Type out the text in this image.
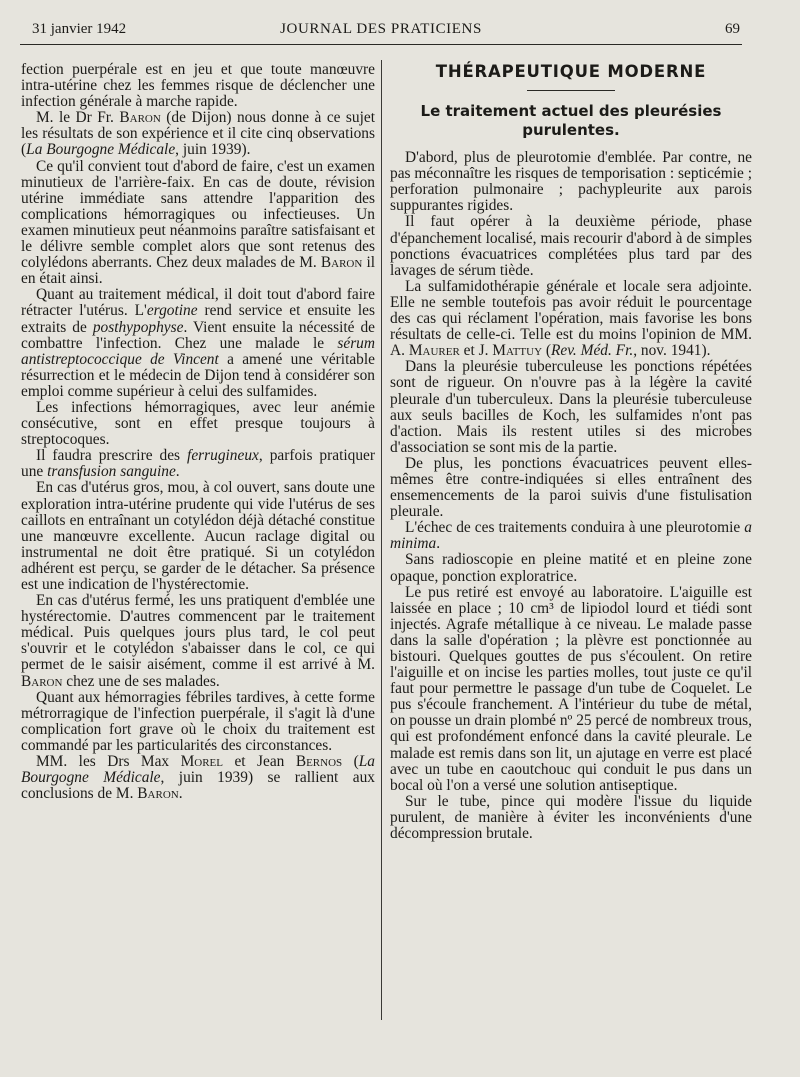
31 janvier 1942	JOURNAL DES PRATICIENS	69

fection puerpérale est en jeu et que toute manœuvre intra-utérine chez les femmes risque de déclencher une infection générale à marche rapide.

M. le Dr Fr. Baron (de Dijon) nous donne à ce sujet les résultats de son expérience et il cite cinq observations (La Bourgogne Médicale, juin 1939).

Ce qu'il convient tout d'abord de faire, c'est un examen minutieux de l'arrière-faix. En cas de doute, révision utérine immédiate sans attendre l'apparition des complications hémorragiques ou infectieuses. Un examen minutieux peut néanmoins paraître satisfaisant et le délivre semble complet alors que sont retenus des colylédons aberrants. Chez deux malades de M. Baron il en était ainsi.

Quant au traitement médical, il doit tout d'abord faire rétracter l'utérus. L'ergotine rend service et ensuite les extraits de posthypophyse. Vient ensuite la nécessité de combattre l'infection. Chez une malade le sérum antistreptococcique de Vincent a amené une véritable résurrection et le médecin de Dijon tend à considérer son emploi comme supérieur à celui des sulfamides.

Les infections hémorragiques, avec leur anémie consécutive, sont en effet presque toujours à streptocoques.

Il faudra prescrire des ferrugineux, parfois pratiquer une transfusion sanguine.

En cas d'utérus gros, mou, à col ouvert, sans doute une exploration intra-utérine prudente qui vide l'utérus de ses caillots en entraînant un cotylédon déjà détaché constitue une manœuvre excellente. Aucun raclage digital ou instrumental ne doit être pratiqué. Si un cotylédon adhérent est perçu, se garder de le détacher. Sa présence est une indication de l'hystérectomie.

En cas d'utérus fermé, les uns pratiquent d'emblée une hystérectomie. D'autres commencent par le traitement médical. Puis quelques jours plus tard, le col peut s'ouvrir et le cotylédon s'abaisser dans le col, ce qui permet de le saisir aisément, comme il est arrivé à M. Baron chez une de ses malades.

Quant aux hémorragies fébriles tardives, à cette forme métrorragique de l'infection puerpérale, il s'agit là d'une complication fort grave où le choix du traitement est commandé par les particularités des circonstances.

MM. les Drs Max Morel et Jean Bernos (La Bourgogne Médicale, juin 1939) se rallient aux conclusions de M. Baron.

THÉRAPEUTIQUE MODERNE
Le traitement actuel des pleurésies purulentes.

D'abord, plus de pleurotomie d'emblée. Par contre, ne pas méconnaître les risques de temporisation : septicémie ; perforation pulmonaire ; pachypleurite aux parois suppurantes rigides.

Il faut opérer à la deuxième période, phase d'épanchement localisé, mais recourir d'abord à de simples ponctions évacuatrices complétées plus tard par des lavages de sérum tiède.

La sulfamidothérapie générale et locale sera adjointe. Elle ne semble toutefois pas avoir réduit le pourcentage des cas qui réclament l'opération, mais favorise les bons résultats de celle-ci. Telle est du moins l'opinion de MM. A. Maurer et J. Mattuy (Rev. Méd. Fr., nov. 1941).

Dans la pleurésie tuberculeuse les ponctions répétées sont de rigueur. On n'ouvre pas à la légère la cavité pleurale d'un tuberculeux. Dans la pleurésie tuberculeuse aux seuls bacilles de Koch, les sulfamides n'ont pas d'action. Mais ils restent utiles si des microbes d'association se sont mis de la partie.

De plus, les ponctions évacuatrices peuvent elles-mêmes être contre-indiquées si elles entraînent des ensemencements de la paroi suivis d'une fistulisation pleurale.

L'échec de ces traitements conduira à une pleurotomie a minima.

Sans radioscopie en pleine matité et en pleine zone opaque, ponction exploratrice.

Le pus retiré est envoyé au laboratoire. L'aiguille est laissée en place ; 10 cm³ de lipiodol lourd et tiédi sont injectés. Agrafe métallique à ce niveau. Le malade passe dans la salle d'opération ; la plèvre est ponctionnée au bistouri. Quelques gouttes de pus s'écoulent. On retire l'aiguille et on incise les parties molles, tout juste ce qu'il faut pour permettre le passage d'un tube de Coquelet. Le pus s'écoule franchement. A l'intérieur du tube de métal, on pousse un drain plombé nº 25 percé de nombreux trous, qui est profondément enfoncé dans la cavité pleurale. Le malade est remis dans son lit, un ajutage en verre est placé avec un tube en caoutchouc qui conduit le pus dans un bocal où l'on a versé une solution antiseptique.

Sur le tube, pince qui modère l'issue du liquide purulent, de manière à éviter les inconvénients d'une décompression brutale.
